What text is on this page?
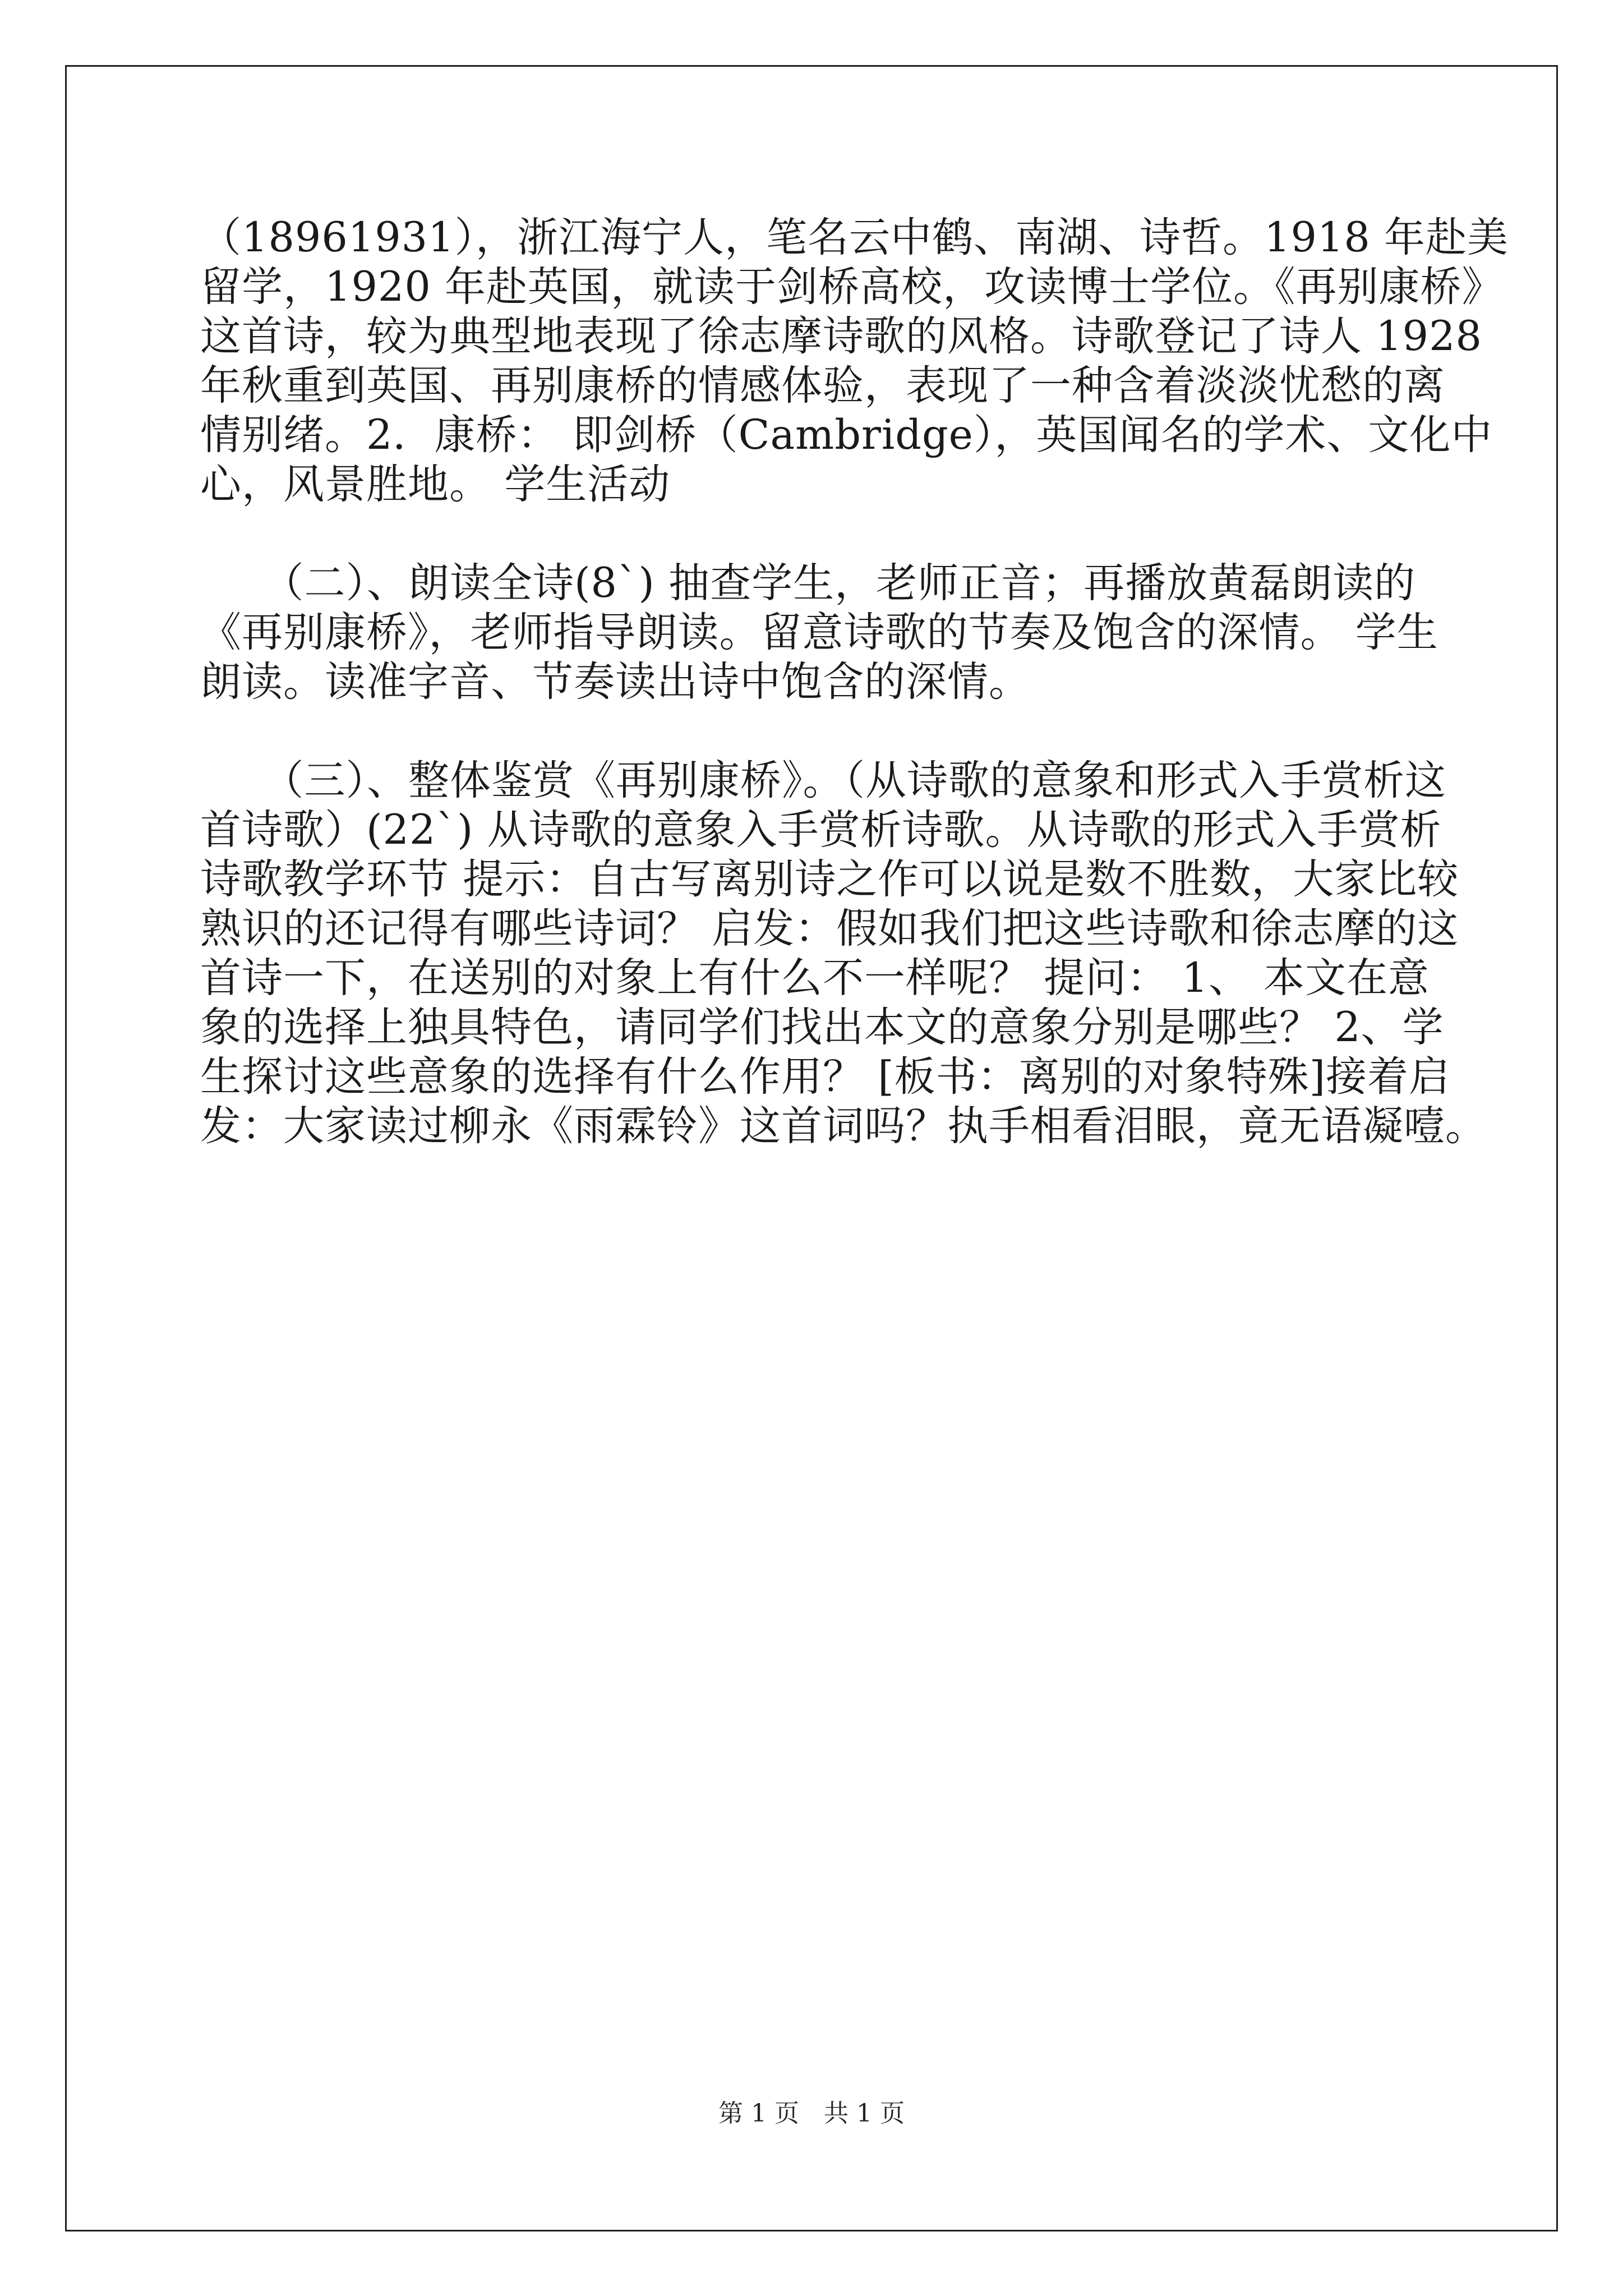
（18961931），浙江海宁人，笔名云中鹤、南湖、诗哲。1918 年赴美

留学，1920 年赴英国，就读于剑桥高校，攻读博士学位。《再别康桥》

这首诗，较为典型地表现了徐志摩诗歌的风格。诗歌登记了诗人 1928

年秋重到英国、再别康桥的情感体验，表现了一种含着淡淡忧愁的离

情别绪。2．康桥： 即剑桥（Cambridge），英国闻名的学术、文化中

心，风景胜地。 学生活动

　　（二）、朗读全诗(8`) 抽查学生，老师正音；再播放黄磊朗读的

《再别康桥》，老师指导朗读。留意诗歌的节奏及饱含的深情。 学生

朗读。读准字音、节奏读出诗中饱含的深情。

　　（三）、整体鉴赏《再别康桥》。（从诗歌的意象和形式入手赏析这

首诗歌）(22`) 从诗歌的意象入手赏析诗歌。从诗歌的形式入手赏析

诗歌教学环节 提示：自古写离别诗之作可以说是数不胜数，大家比较

熟识的还记得有哪些诗词？ 启发：假如我们把这些诗歌和徐志摩的这

首诗一下，在送别的对象上有什么不一样呢？ 提问： 1、 本文在意

象的选择上独具特色，请同学们找出本文的意象分别是哪些？ 2、学

生探讨这些意象的选择有什么作用？ [板书：离别的对象特殊]接着启

发：大家读过柳永《雨霖铃》这首词吗？执手相看泪眼，竟无语凝噎。

第 1 页　共 1 页
